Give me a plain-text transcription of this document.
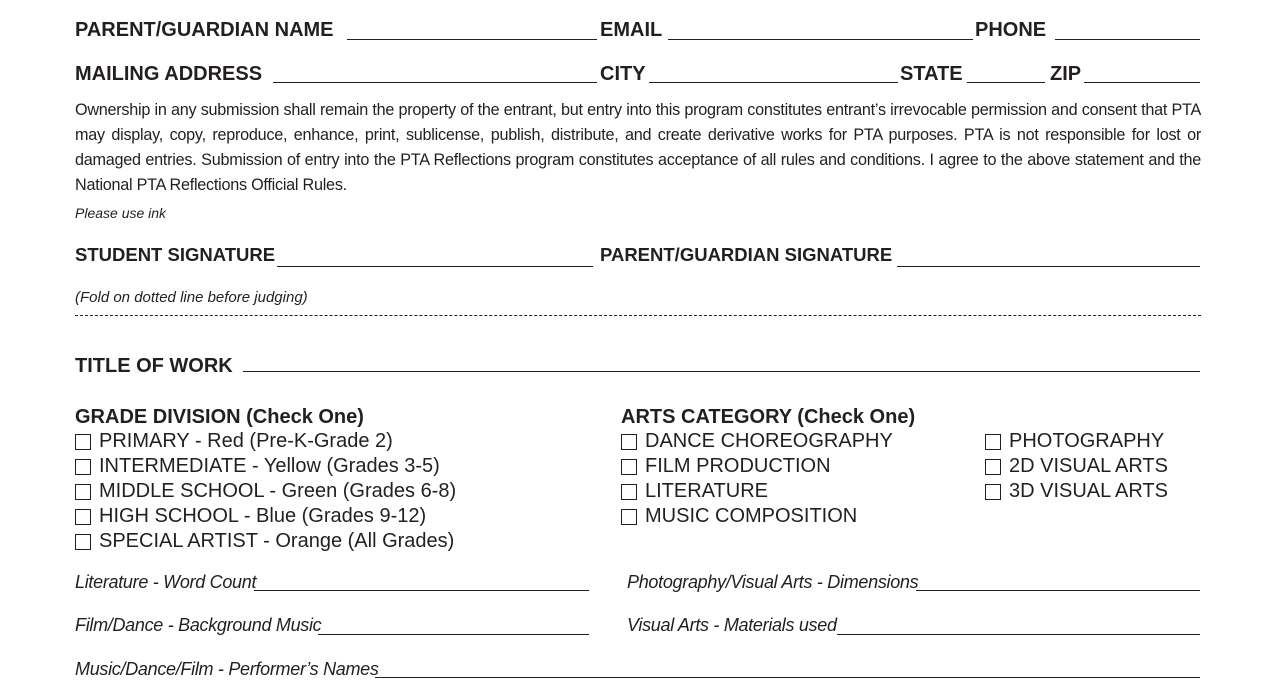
PARENT/GUARDIAN NAME	EMAIL	PHONE
MAILING ADDRESS	CITY	STATE	ZIP
Ownership in any submission shall remain the property of the entrant, but entry into this program constitutes entrant’s irrevocable permission and consent that PTA may display, copy, reproduce, enhance, print, sublicense, publish, distribute, and create derivative works for PTA purposes. PTA is not responsible for lost or damaged entries. Submission of entry into the PTA Reflections program constitutes acceptance of all rules and conditions. I agree to the above statement and the National PTA Reflections Official Rules.
Please use ink
STUDENT SIGNATURE	PARENT/GUARDIAN SIGNATURE
(Fold on dotted line before judging)
TITLE OF WORK
GRADE DIVISION (Check One)
PRIMARY - Red (Pre-K-Grade 2)
INTERMEDIATE - Yellow (Grades 3-5)
MIDDLE SCHOOL - Green (Grades 6-8)
HIGH SCHOOL - Blue (Grades 9-12)
SPECIAL ARTIST - Orange (All Grades)
ARTS CATEGORY (Check One)
DANCE CHOREOGRAPHY
FILM PRODUCTION
LITERATURE
MUSIC COMPOSITION
PHOTOGRAPHY
2D VISUAL ARTS
3D VISUAL ARTS
Literature - Word Count	Photography/Visual Arts - Dimensions
Film/Dance - Background Music	Visual Arts - Materials used
Music/Dance/Film - Performer’s Names
